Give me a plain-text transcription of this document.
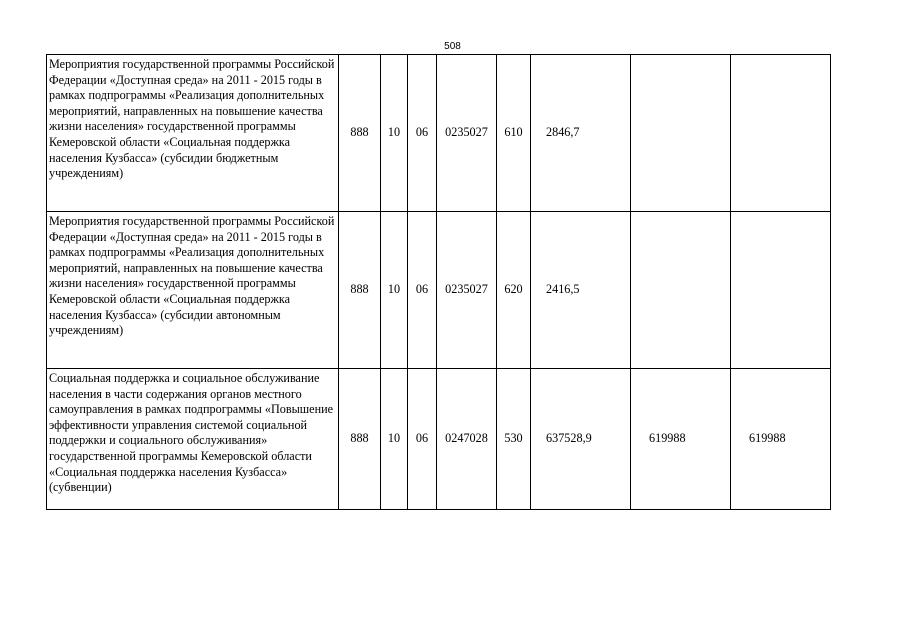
508
Мероприятия государственной программы Российской Федерации «Доступная среда» на 2011 - 2015 годы в рамках подпрограммы «Реализация дополнительных мероприятий, направленных на повышение качества жизни населения» государственной программы Кемеровской области «Социальная поддержка населения Кузбасса» (субсидии бюджетным учреждениям)	888	10	06	0235027	610	2846,7		
Мероприятия государственной программы Российской Федерации «Доступная среда» на 2011 - 2015 годы в рамках подпрограммы «Реализация дополнительных мероприятий, направленных на повышение качества жизни населения» государственной программы Кемеровской области «Социальная поддержка населения Кузбасса» (субсидии автономным учреждениям)	888	10	06	0235027	620	2416,5		
Социальная поддержка и социальное обслуживание населения в части содержания органов местного самоуправления в рамках подпрограммы «Повышение эффективности управления системой социальной поддержки и социального обслуживания» государственной программы Кемеровской области «Социальная поддержка населения Кузбасса» (субвенции)	888	10	06	0247028	530	637528,9	619988	619988
